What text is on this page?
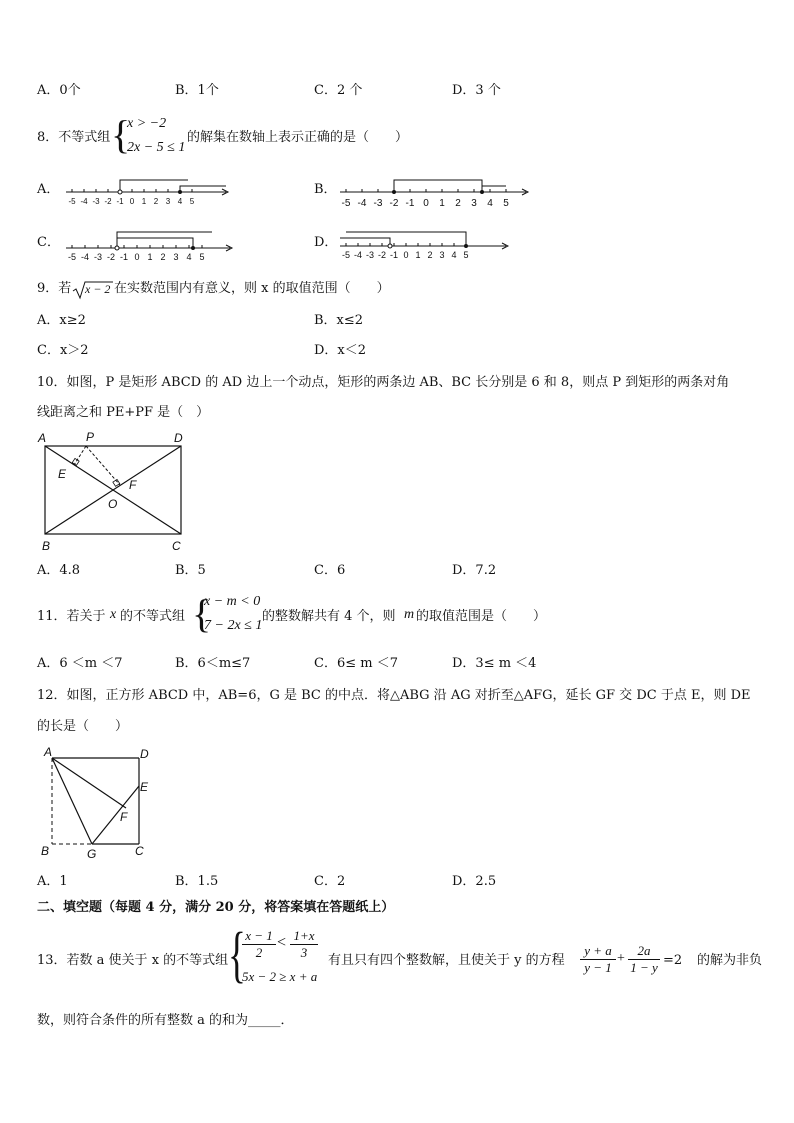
A．0个	B．1个	C．2 个	D．3 个
8．不等式组 {
x > −2
2x − 5 ≤ 1
的解集在数轴上表示正确的是（　　）
A．	B．
C．	D．
-5 -4 -3 -2 -1 0 1 2 3 4 5	-5 -4 -3 -2 -1 0 1 2 3 4 5
-5 -4 -3 -2 -1 0 1 2 3 4 5	-5 -4 -3 -2 -1 0 1 2 3 4 5
9．若 x − 2 在实数范围内有意义，则 x 的取值范围（　　）
A．x≥2	B．x≤2
C．x＞2	D．x＜2
10．如图，P 是矩形 ABCD 的 AD 边上一个动点，矩形的两条边 AB、BC 长分别是 6 和 8，则点 P 到矩形的两条对角
线距离之和 PE+PF 是（　）
A	P	D
E
F
O
B	C
A．4.8	B．5	C．6	D．7.2
11．若关于 x 的不等式组 {
x − m < 0
7 − 2x ≤ 1
的整数解共有 4 个，则 m 的取值范围是（　　）
A．6 ＜m ＜7	B．6＜m≤7	C．6≤ m ＜7	D．3≤ m ＜4
12．如图，正方形 ABCD 中，AB=6，G 是 BC 的中点．将△ABG 沿 AG 对折至△AFG，延长 GF 交 DC 于点 E，则 DE
的长是（　　）
A	D
E
F
B	G	C
A．1	B．1.5	C．2	D．2.5
二、填空题（每题 4 分，满分 20 分，将答案填在答题纸上）
13．若数 a 使关于 x 的不等式组 {
$\frac{x - 1}{2} < \frac{1+x}{3}$
5x − 2 ≥ x + a
有且只有四个整数解，且使关于 y 的方程 $\frac{y + a}{y - 1} + \frac{2a}{1 - y} =2$ 的解为非负
数，则符合条件的所有整数 a 的和为_____．
